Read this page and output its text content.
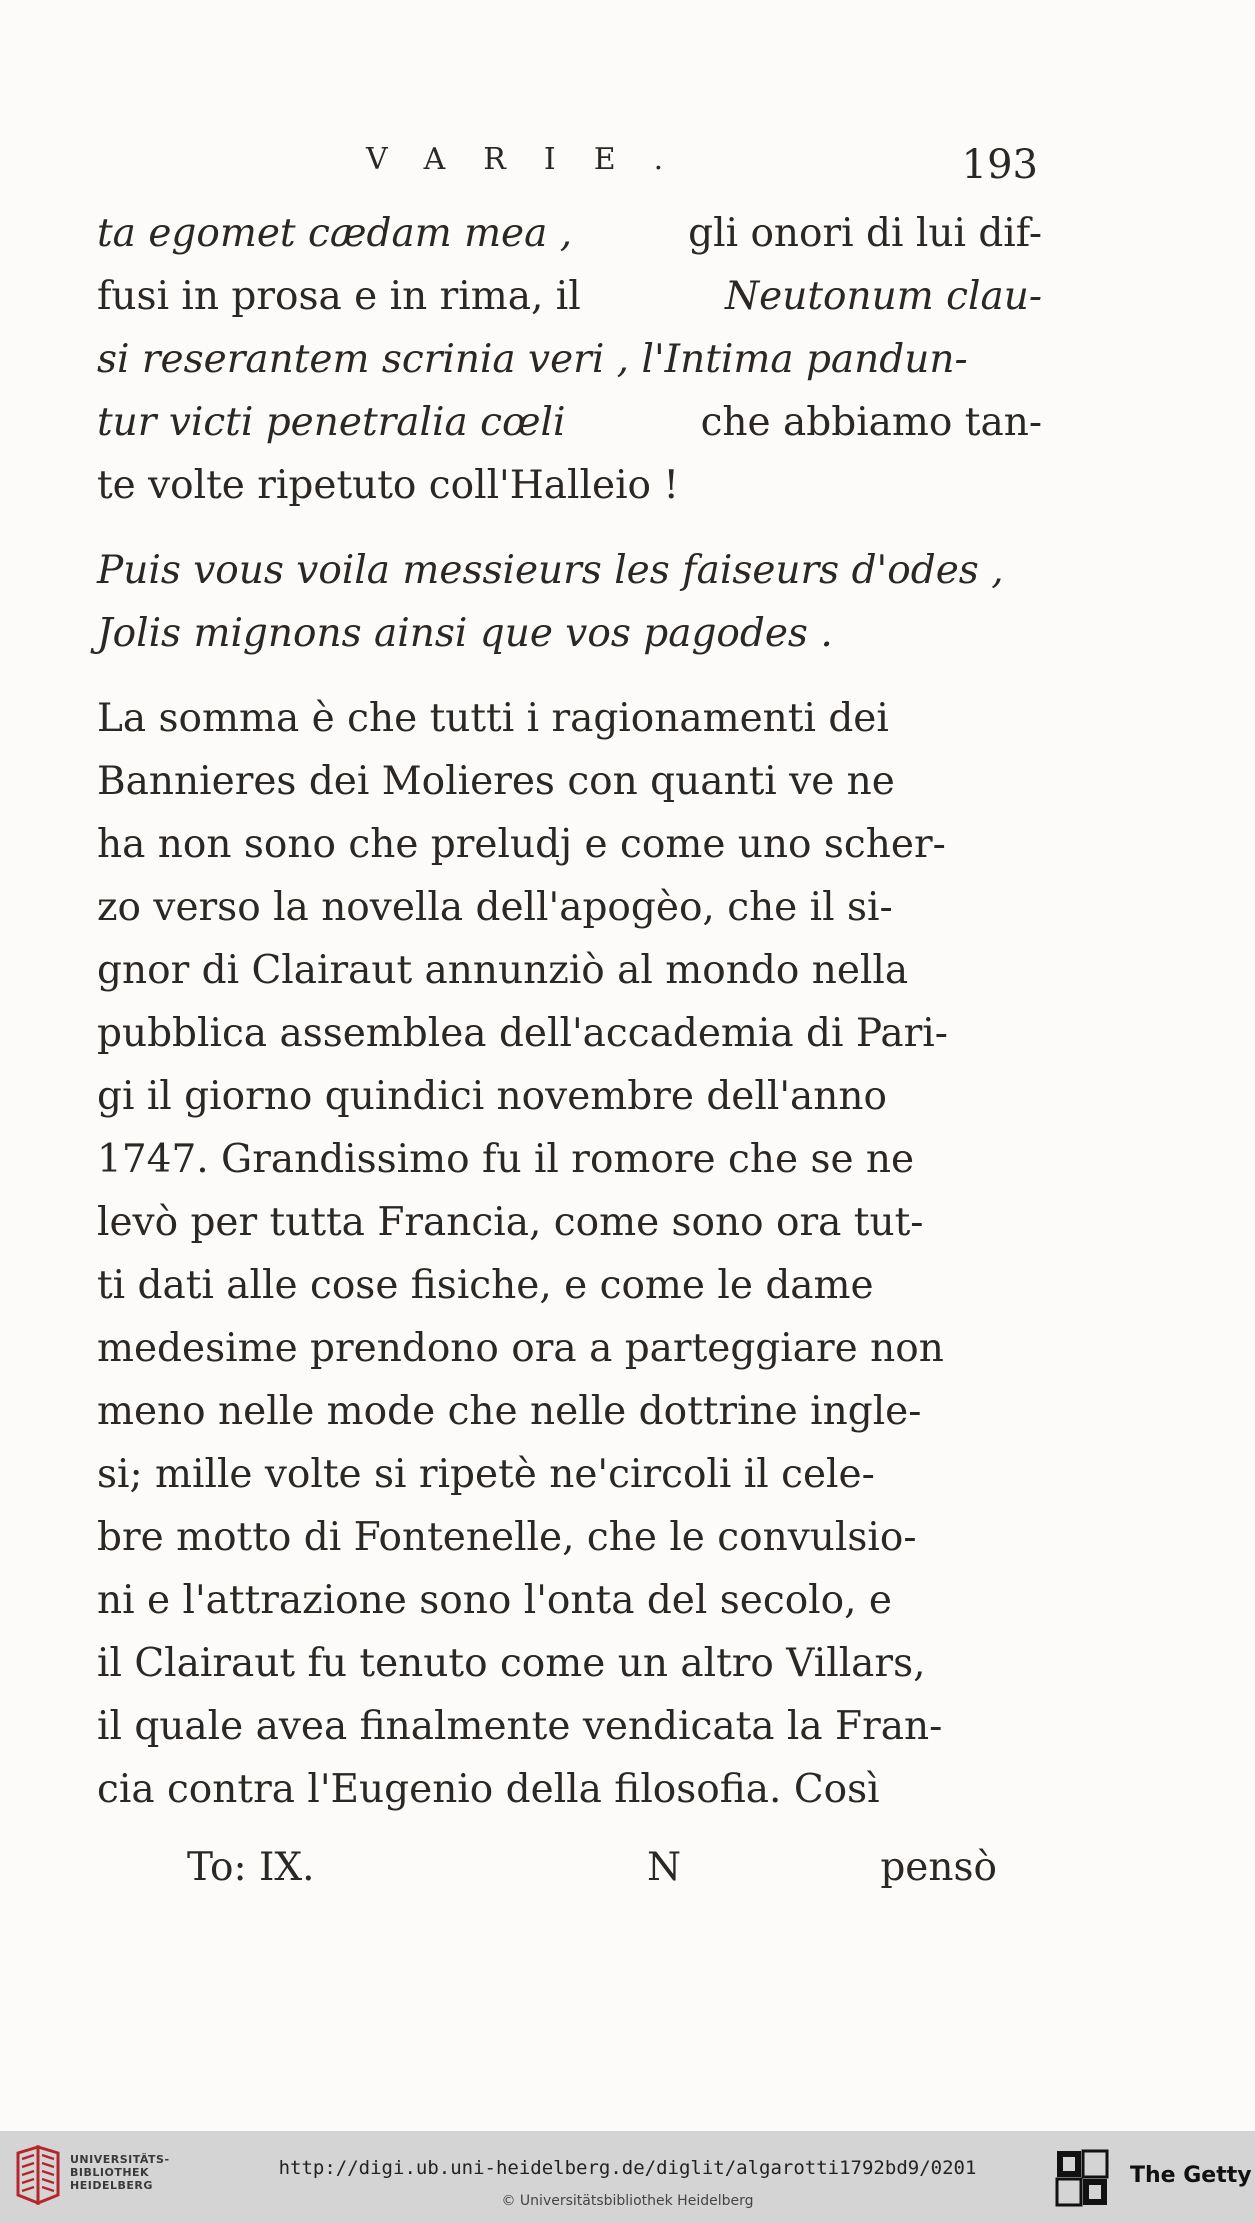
VARIE.	193
ta egomet cædam mea ,	gli onori di lui dif-
fusi in prosa e in rima, il	Neutonum clau-
si reserantem scrinia veri , l'Intima pandun-
tur victi penetralia cœli	che abbiamo tan-
te volte ripetuto coll'Halleio !
Puis vous voila messieurs les faiseurs d'odes ,
Jolis mignons ainsi que vos pagodes .
La somma è che tutti i ragionamenti dei
Bannieres dei Molieres con quanti ve ne
ha non sono che preludj e come uno scher-
zo verso la novella dell'apogèo, che il si-
gnor di Clairaut annunziò al mondo nella
pubblica assemblea dell'accademia di Pari-
gi il giorno quindici novembre dell'anno
1747. Grandissimo fu il romore che se ne
levò per tutta Francia, come sono ora tut-
ti dati alle cose fisiche, e come le dame
medesime prendono ora a parteggiare non
meno nelle mode che nelle dottrine ingle-
si; mille volte si ripetè ne'circoli il cele-
bre motto di Fontenelle, che le convulsio-
ni e l'attrazione sono l'onta del secolo, e
il Clairaut fu tenuto come un altro Villars,
il quale avea finalmente vendicata la Fran-
cia contra l'Eugenio della filosofia. Così
To: IX.	N	pensò
UNIVERSITÄTS-
BIBLIOTHEK
HEIDELBERG
http://digi.ub.uni-heidelberg.de/diglit/algarotti1792bd9/0201
© Universitätsbibliothek Heidelberg
The Getty
